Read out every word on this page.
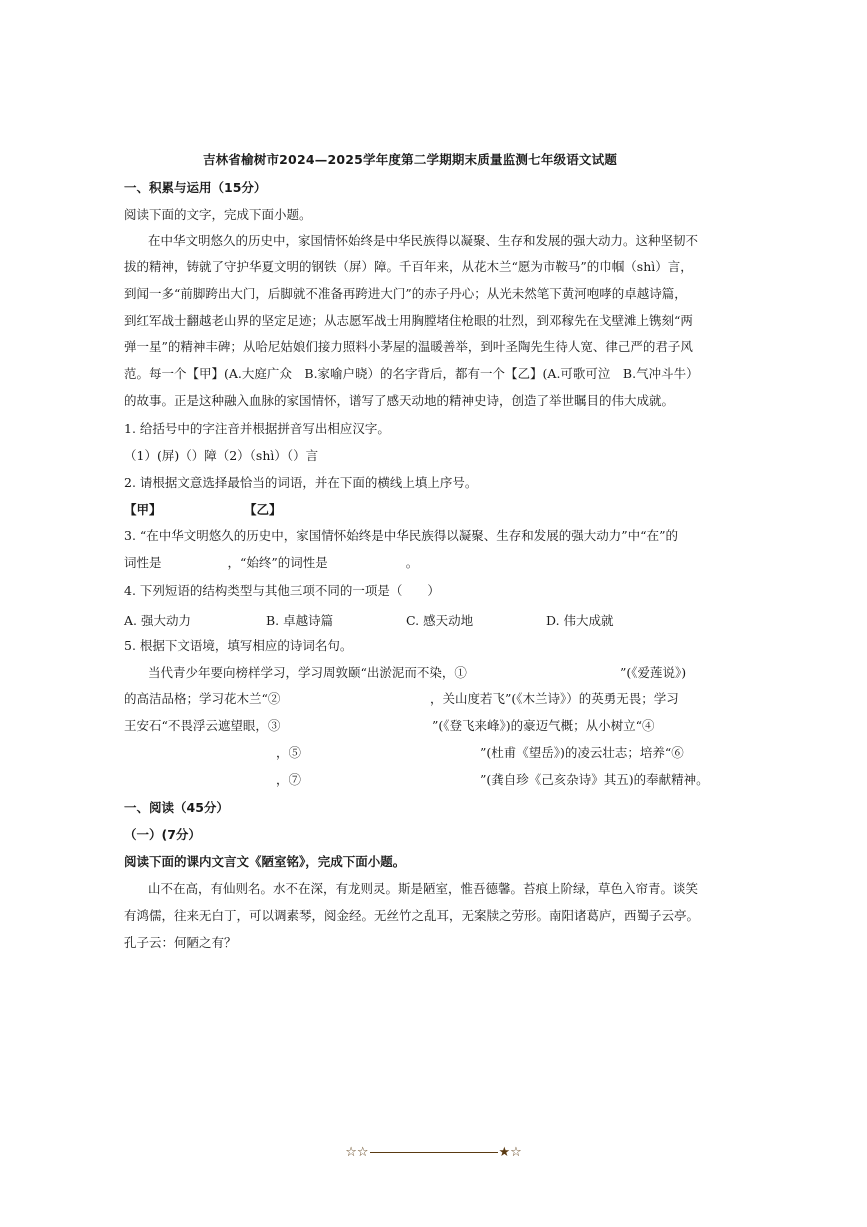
吉林省榆树市2024—2025学年度第二学期期末质量监测七年级语文试题
一、积累与运用（15分）
阅读下面的文字，完成下面小题。
在中华文明悠久的历史中，家国情怀始终是中华民族得以凝聚、生存和发展的强大动力。这种坚韧不
拔的精神，铸就了守护华夏文明的钢铁（屏）障。千百年来，从花木兰“愿为市鞍马”的巾帼（shì）言，
到闻一多“前脚跨出大门，后脚就不准备再跨进大门”的赤子丹心；从光未然笔下黄河咆哮的卓越诗篇，
到红军战士翻越老山界的坚定足迹；从志愿军战士用胸膛堵住枪眼的壮烈，到邓稼先在戈壁滩上镌刻“两
弹一星”的精神丰碑；从哈尼姑娘们接力照料小茅屋的温暖善举，到叶圣陶先生待人宽、律己严的君子风
范。每一个【甲】(A.大庭广众　B.家喻户晓）的名字背后，都有一个【乙】(A.可歌可泣　B.气冲斗牛）
的故事。正是这种融入血脉的家国情怀，谱写了感天动地的精神史诗，创造了举世瞩目的伟大成就。
1. 给括号中的字注音并根据拼音写出相应汉字。
（1）(屏)（）障（2）（shì）（）言
2. 请根据文意选择最恰当的词语，并在下面的横线上填上序号。
【甲】	【乙】
3. “在中华文明悠久的历史中，家国情怀始终是中华民族得以凝聚、生存和发展的强大动力”中“在”的
词性是	，“始终”的词性是	。
4. 下列短语的结构类型与其他三项不同的一项是（　　）
A. 强大动力	B. 卓越诗篇	C. 感天动地	D. 伟大成就
5. 根据下文语境，填写相应的诗词名句。
当代青少年要向榜样学习，学习周敦颐“出淤泥而不染，①	”(《爱莲说》)
的高洁品格；学习花木兰“②	，关山度若飞”(《木兰诗》）的英勇无畏；学习
王安石“不畏浮云遮望眼，③	”(《登飞来峰》)的豪迈气概；从小树立“④
，⑤	”(杜甫《望岳》)的凌云壮志；培养“⑥
，⑦	”(龚自珍《己亥杂诗》其五)的奉献精神。
一、阅读（45分）
（一）(7分）
阅读下面的课内文言文《陋室铭》，完成下面小题。
山不在高，有仙则名。水不在深，有龙则灵。斯是陋室，惟吾德馨。苔痕上阶绿，草色入帘青。谈笑
有鸿儒，往来无白丁，可以调素琴，阅金经。无丝竹之乱耳，无案牍之劳形。南阳诸葛庐，西蜀子云亭。
孔子云：何陋之有？
☆☆	★☆
